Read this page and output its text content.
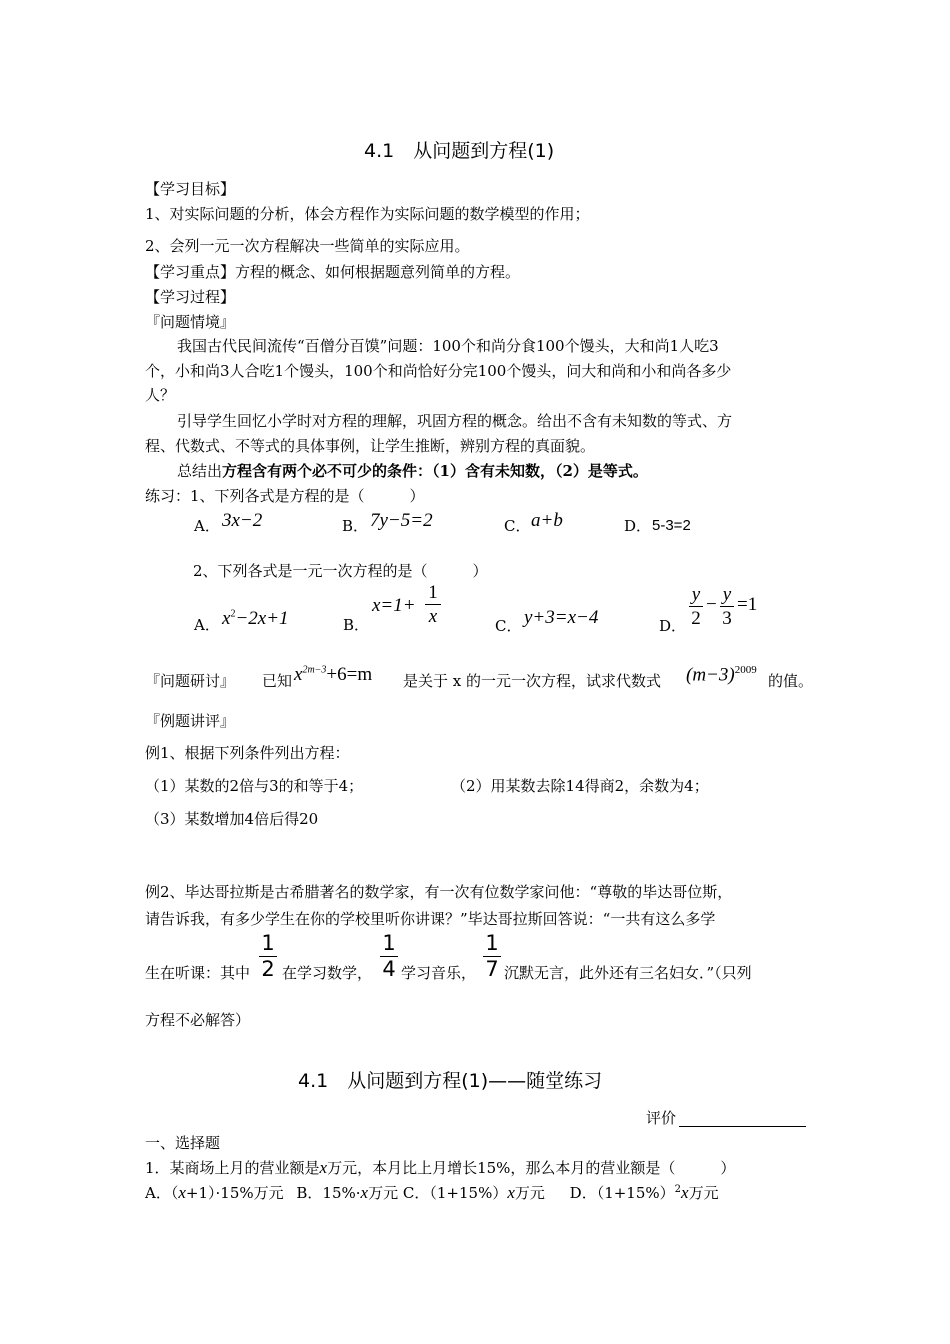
4.1　从问题到方程(1)
【学习目标】
1、对实际问题的分析，体会方程作为实际问题的数学模型的作用；
2、会列一元一次方程解决一些简单的实际应用。
【学习重点】方程的概念、如何根据题意列简单的方程。
【学习过程】
『问题情境』
我国古代民间流传“百僧分百馍”问题：100个和尚分食100个馒头，大和尚1人吃3
个，小和尚3人合吃1个馒头，100个和尚恰好分完100个馒头，问大和尚和小和尚各多少
人？
引导学生回忆小学时对方程的理解，巩固方程的概念。给出不含有未知数的等式、方
程、代数式、不等式的具体事例，让学生推断，辨别方程的真面貌。
总结出方程含有两个必不可少的条件：（1）含有未知数，（2）是等式。
练习：1、下列各式是方程的是（　　　）
A． 3x−2	B． 7y−5=2	C． a+b	D． 5-3=2
2、下列各式是一元一次方程的是（　　　）
A． $x^2-2x+1$	B．
x=1+
1
x	C． y+3=x−4	D．
y
2
− y
3
=1
『问题研讨』 已知 $x^{2m-3}+6=m$ 是关于 x 的一元一次方程，试求代数式 $(m-3)^{2009}$
的值。
『例题讲评』
例1、根据下列条件列出方程：
（1）某数的2倍与3的和等于4；	（2）用某数去除14得商2，余数为4；
（3）某数增加4倍后得20
例2、毕达哥拉斯是古希腊著名的数学家，有一次有位数学家问他：“尊敬的毕达哥位斯，
请告诉我，有多少学生在你的学校里听你讲课？”毕达哥拉斯回答说：“一共有这么多学
生在听课：其中
1
2 在学习数学，
1
4 学习音乐，
1
7 沉默无言，此外还有三名妇女．”（只列
方程不必解答）
4.1　从问题到方程(1)——随堂练习
评价
一、选择题
1．某商场上月的营业额是x万元，本月比上月增长15%，那么本月的营业额是（　　　）
A．（x+1）·15%万元 B．15%·x万元 C．（1+15%）x万元 D．$(1+15\%)^2x$万元
